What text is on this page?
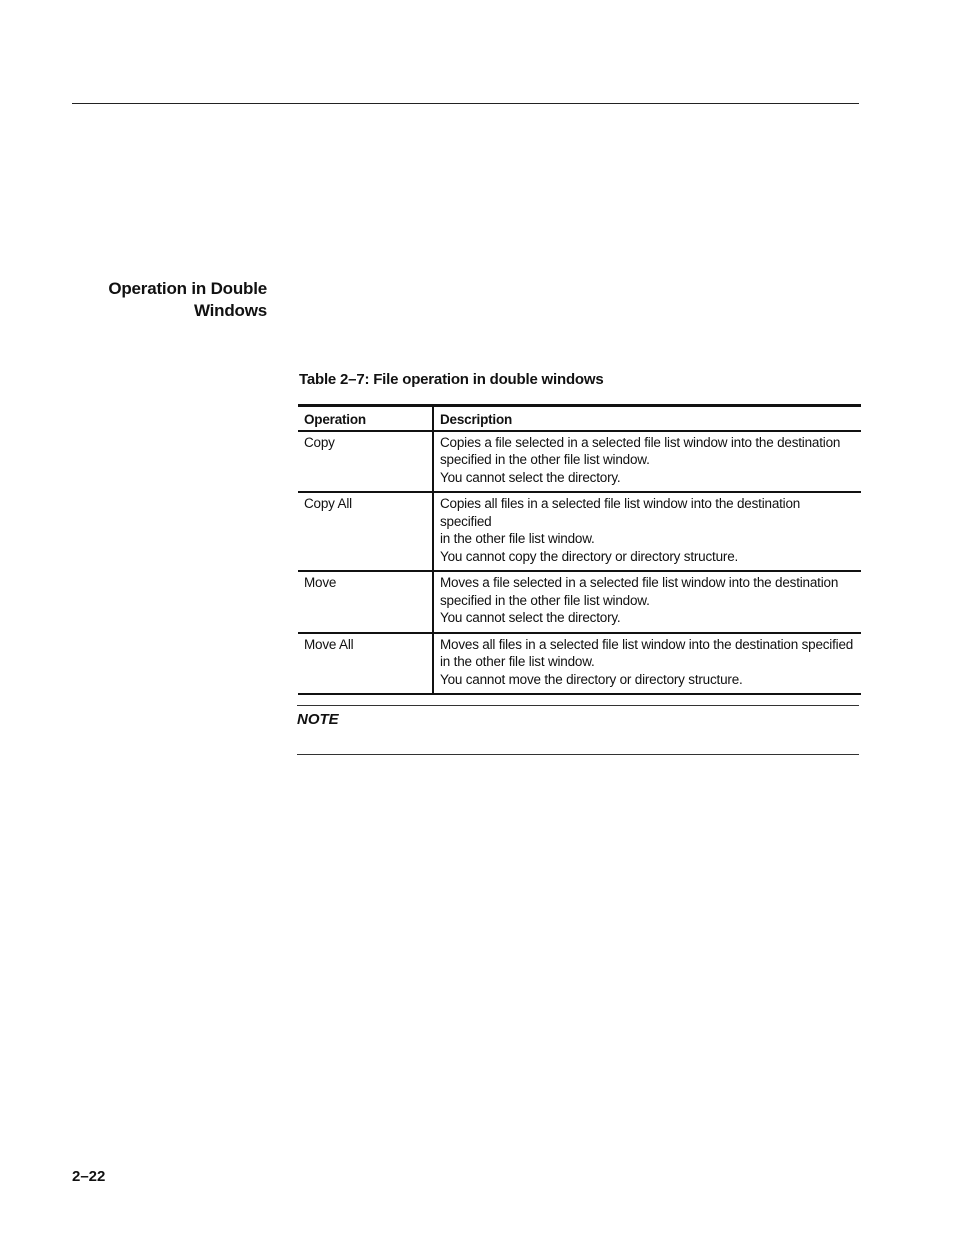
Operation in Double
Windows
Table 2–7: File operation in double windows
Operation	Description
Copy	Copies a file selected in a selected file list window into the destination
specified in the other file list window.
You cannot select the directory.

Copy All	Copies all files in a selected file list window into the destination specified
in the other file list window.
You cannot copy the directory or directory structure.

Move	Moves a file selected in a selected file list window into the destination
specified in the other file list window.
You cannot select the directory.

Move All	Moves all files in a selected file list window into the destination specified
in the other file list window.
You cannot move the directory or directory structure.
NOTE
2–22
